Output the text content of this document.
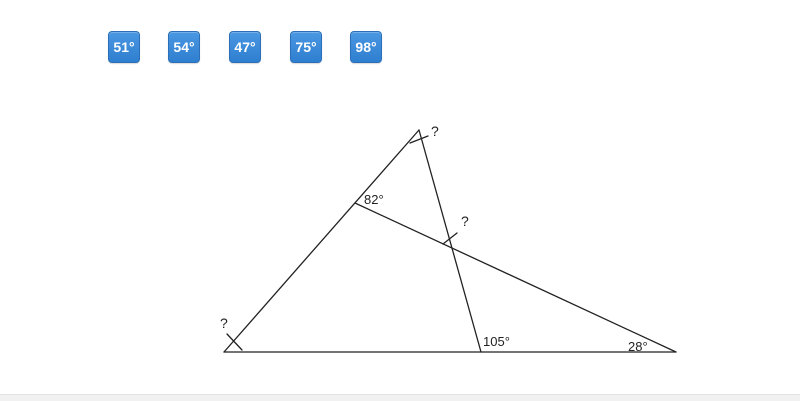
51°	54°	47°	75°	98°
?
?
?
82°
105°	28°
